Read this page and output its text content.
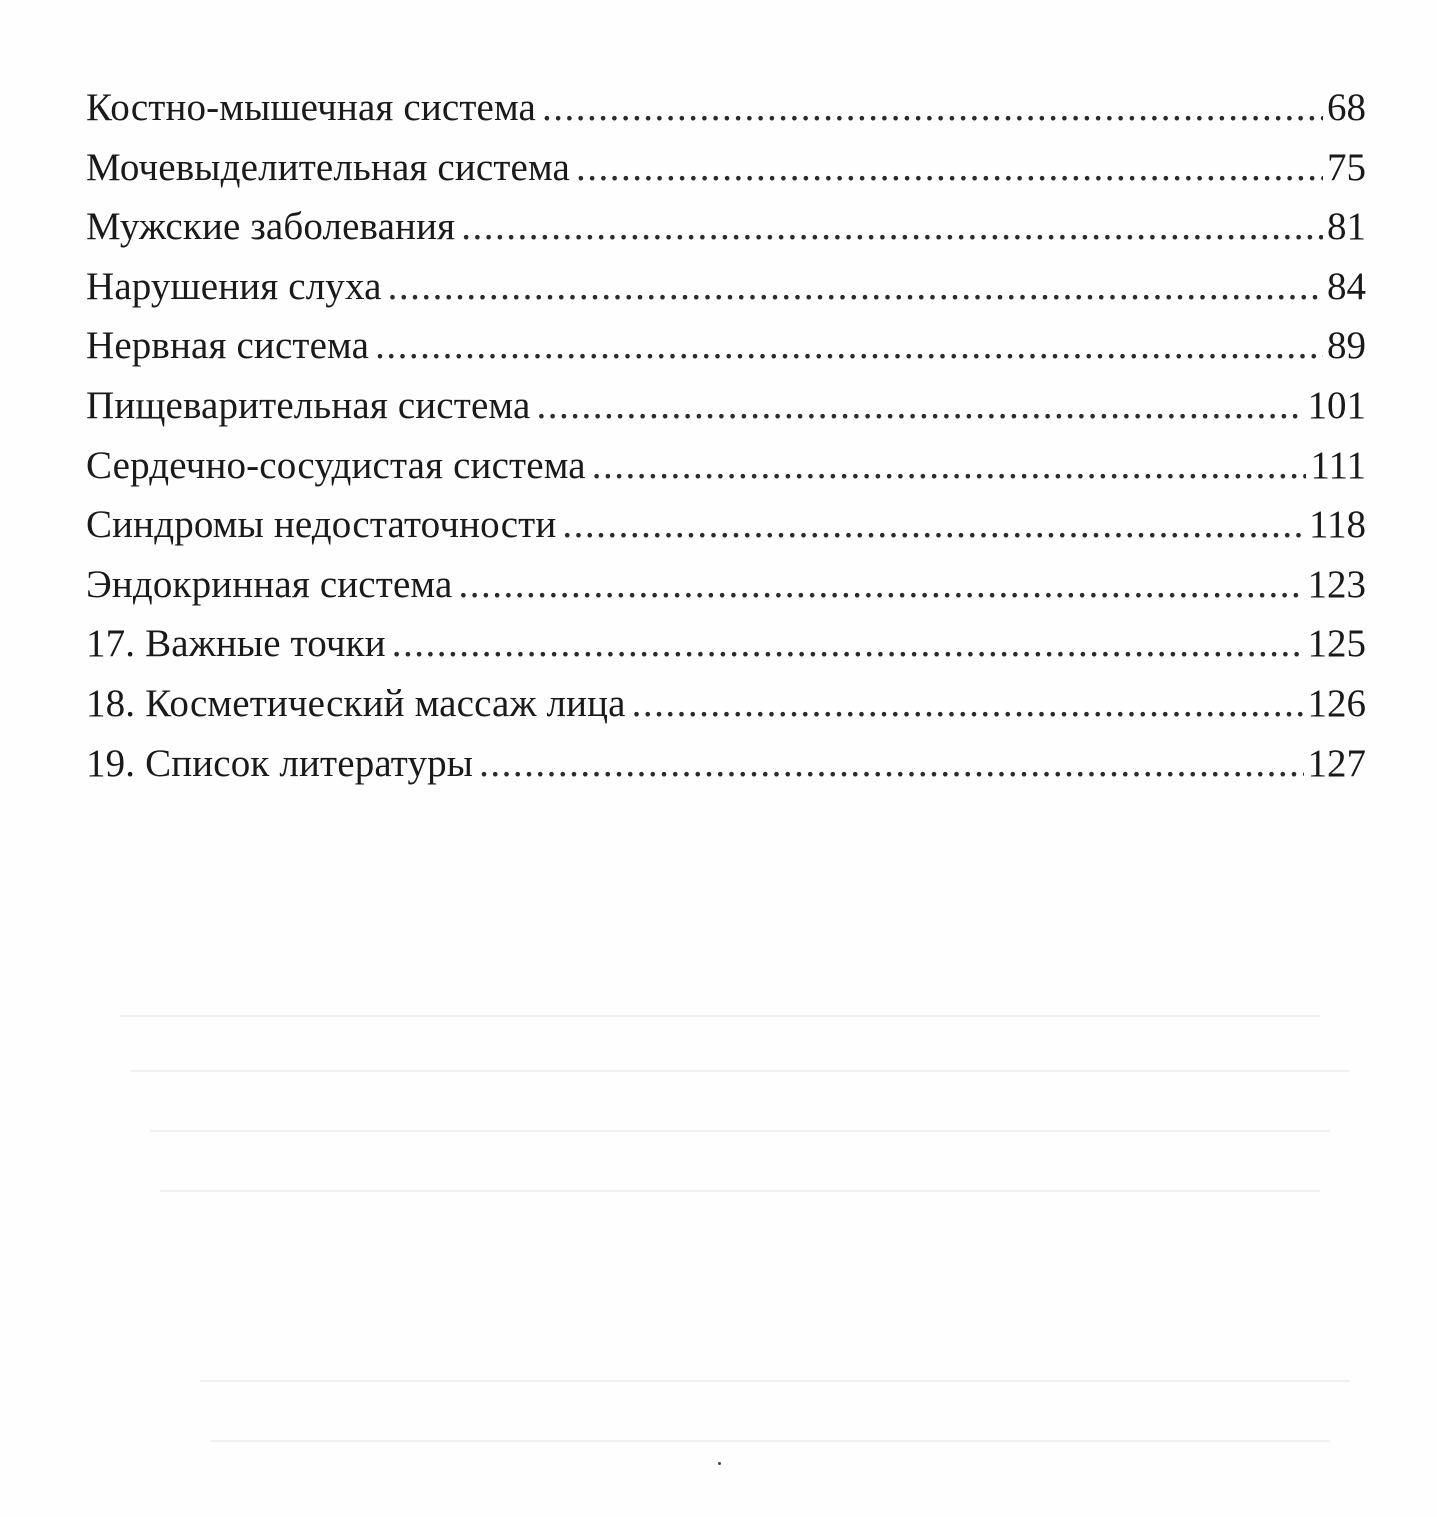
Костно-мышечная система .....	68
Мочевыделительная система .....	75
Мужские заболевания .....	81
Нарушения слуха .....	84
Нервная система .....	89
Пищеварительная система .....	101
Сердечно-сосудистая система .....	111
Синдромы недостаточности .....	118
Эндокринная система .....	123
17. Важные точки .....	125
18. Косметический массаж лица .....	126
19. Список литературы .....	127
